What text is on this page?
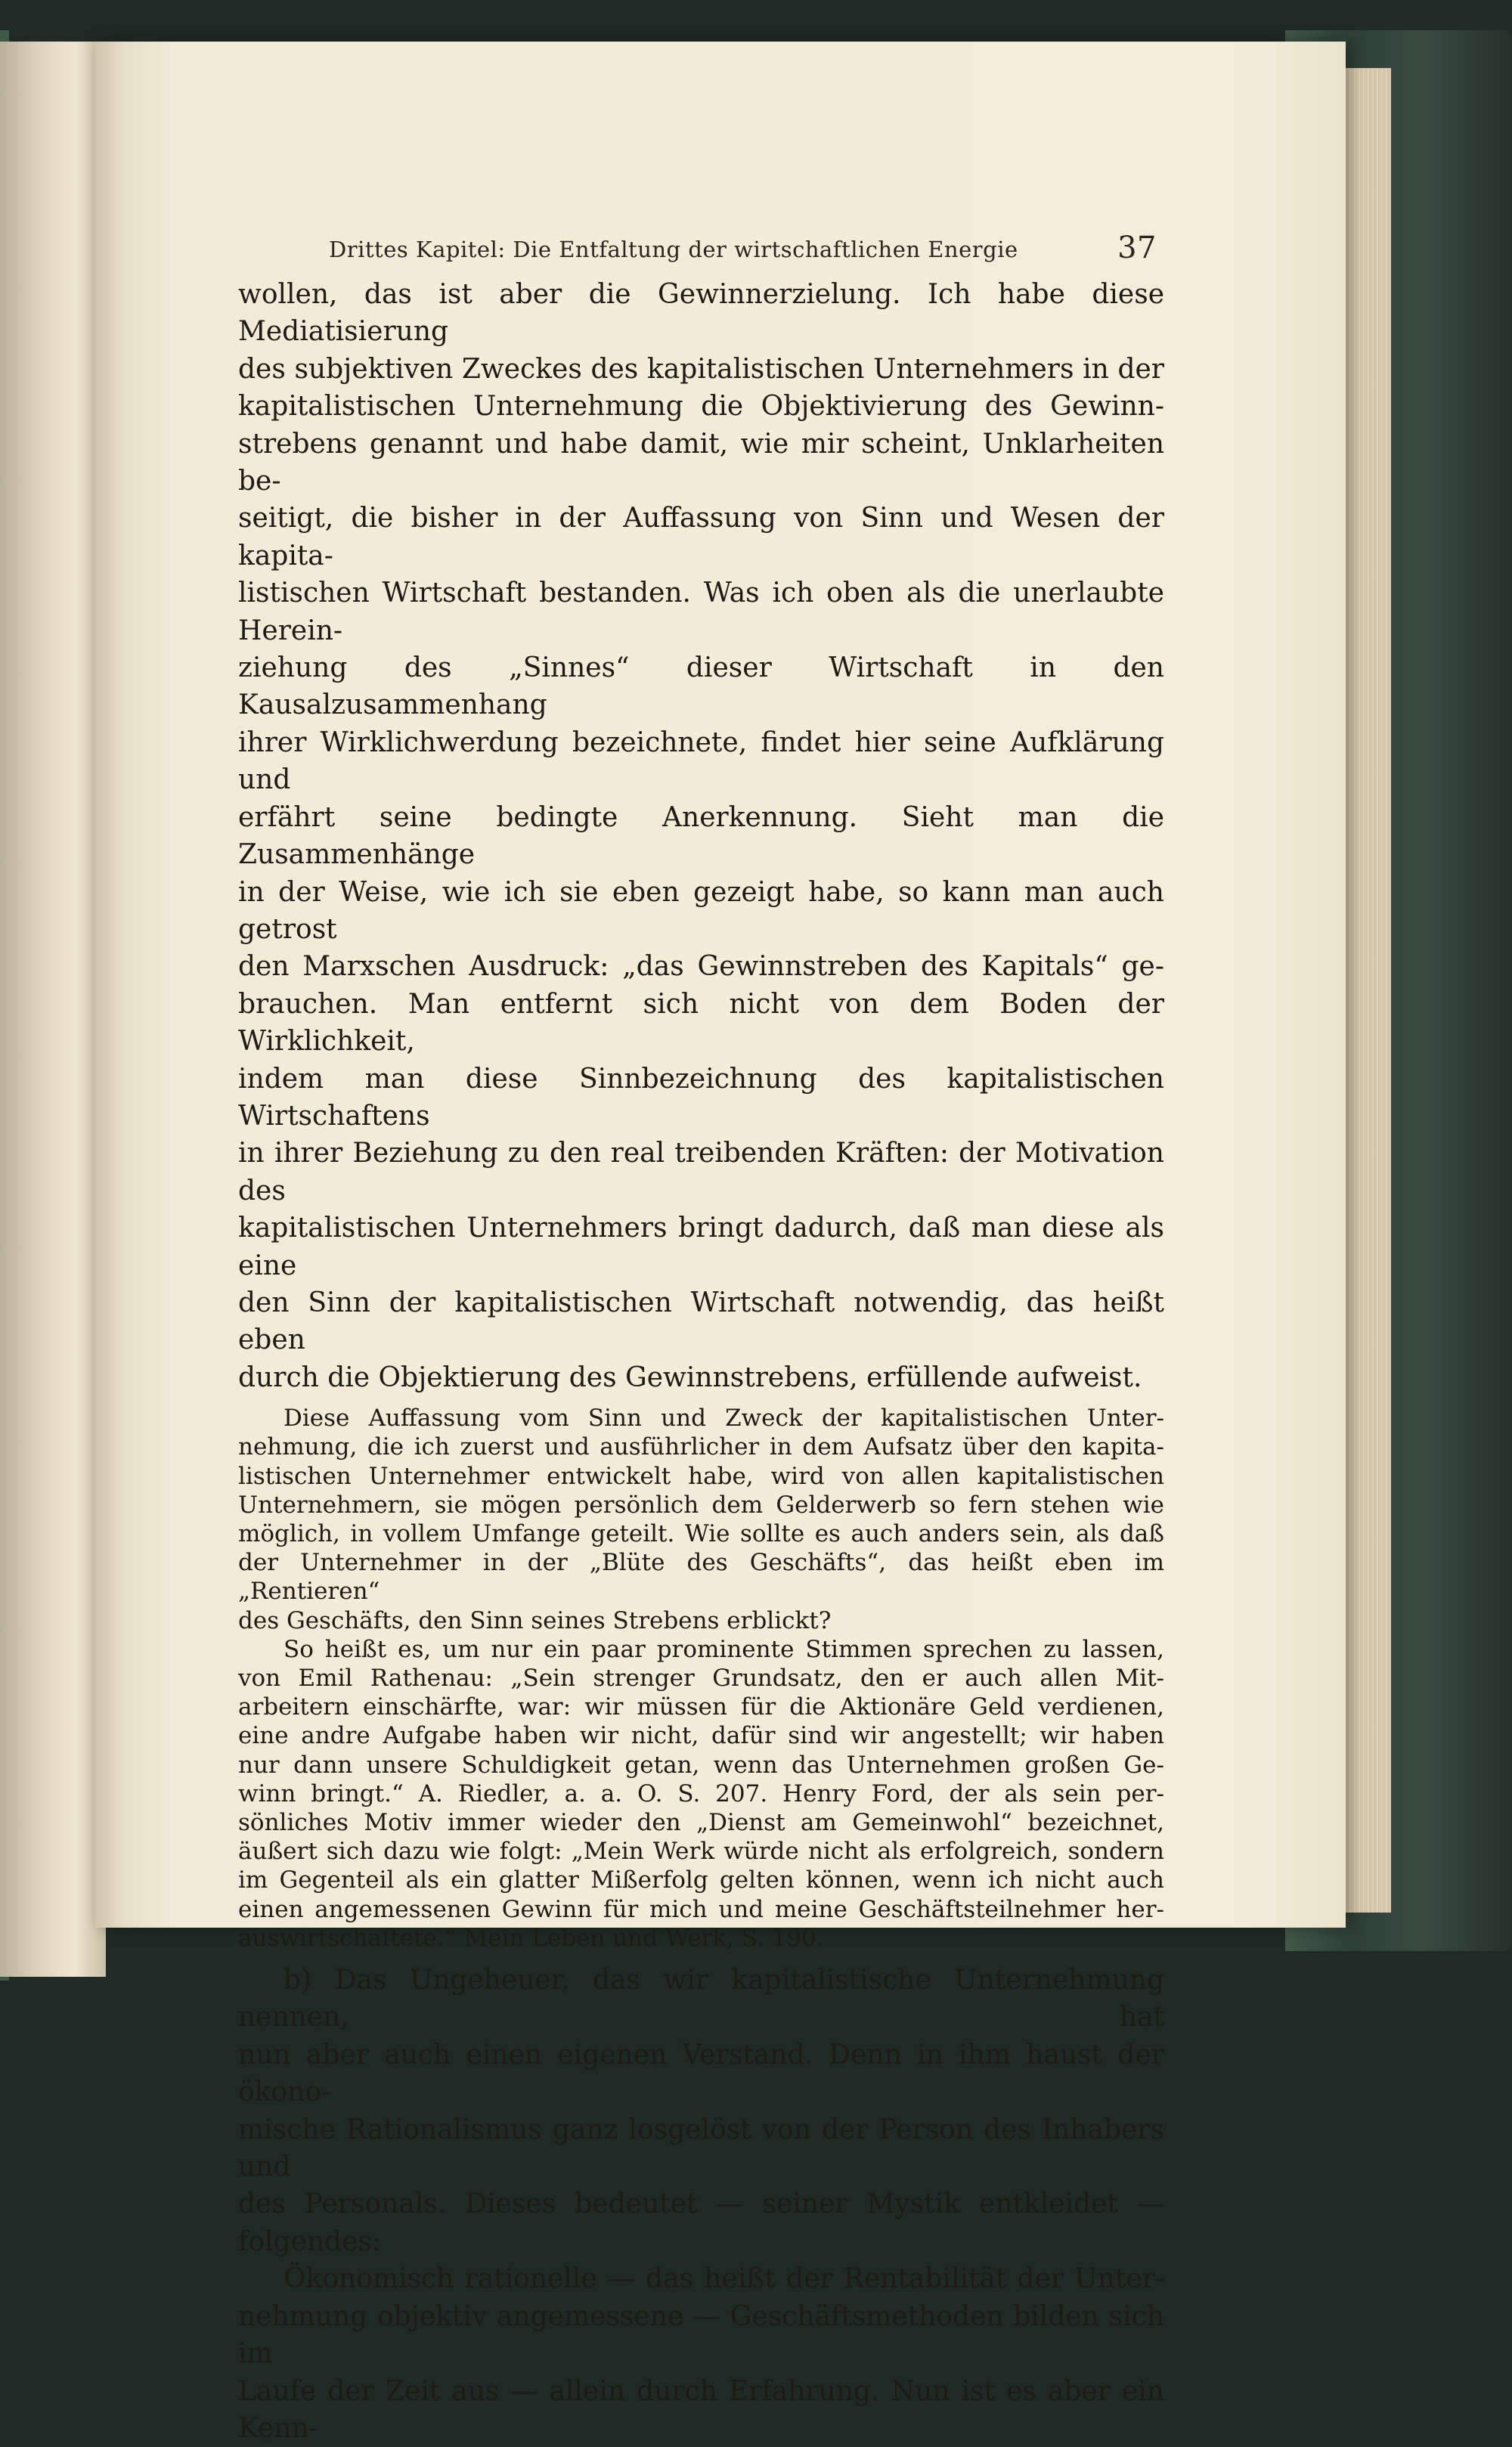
Drittes Kapitel: Die Entfaltung der wirtschaftlichen Energie	37

wollen, das ist aber die Gewinnerzielung. Ich habe diese Mediatisierung

des subjektiven Zweckes des kapitalistischen Unternehmers in der

kapitalistischen Unternehmung die Objektivierung des Gewinn-

strebens genannt und habe damit, wie mir scheint, Unklarheiten be-

seitigt, die bisher in der Auffassung von Sinn und Wesen der kapita-

listischen Wirtschaft bestanden. Was ich oben als die unerlaubte Herein-

ziehung des „Sinnes“ dieser Wirtschaft in den Kausalzusammenhang

ihrer Wirklichwerdung bezeichnete, findet hier seine Aufklärung und

erfährt seine bedingte Anerkennung. Sieht man die Zusammenhänge

in der Weise, wie ich sie eben gezeigt habe, so kann man auch getrost

den Marxschen Ausdruck: „das Gewinnstreben des Kapitals“ ge-

brauchen. Man entfernt sich nicht von dem Boden der Wirklichkeit,

indem man diese Sinnbezeichnung des kapitalistischen Wirtschaftens

in ihrer Beziehung zu den real treibenden Kräften: der Motivation des

kapitalistischen Unternehmers bringt dadurch, daß man diese als eine

den Sinn der kapitalistischen Wirtschaft notwendig, das heißt eben

durch die Objektierung des Gewinnstrebens, erfüllende aufweist.

Diese Auffassung vom Sinn und Zweck der kapitalistischen Unter-

nehmung, die ich zuerst und ausführlicher in dem Aufsatz über den kapita-

listischen Unternehmer entwickelt habe, wird von allen kapitalistischen

Unternehmern, sie mögen persönlich dem Gelderwerb so fern stehen wie

möglich, in vollem Umfange geteilt. Wie sollte es auch anders sein, als daß

der Unternehmer in der „Blüte des Geschäfts“, das heißt eben im „Rentieren“

des Geschäfts, den Sinn seines Strebens erblickt?

So heißt es, um nur ein paar prominente Stimmen sprechen zu lassen,

von Emil Rathenau: „Sein strenger Grundsatz, den er auch allen Mit-

arbeitern einschärfte, war: wir müssen für die Aktionäre Geld verdienen,

eine andre Aufgabe haben wir nicht, dafür sind wir angestellt; wir haben

nur dann unsere Schuldigkeit getan, wenn das Unternehmen großen Ge-

winn bringt.“ A. Riedler, a. a. O. S. 207. Henry Ford, der als sein per-

sönliches Motiv immer wieder den „Dienst am Gemeinwohl“ bezeichnet,

äußert sich dazu wie folgt: „Mein Werk würde nicht als erfolgreich, sondern

im Gegenteil als ein glatter Mißerfolg gelten können, wenn ich nicht auch

einen angemessenen Gewinn für mich und meine Geschäftsteilnehmer her-

auswirtschaftete.“ Mein Leben und Werk, S. 190.

b) Das Ungeheuer, das wir kapitalistische Unternehmung nennen, hat

nun aber auch einen eigenen Verstand. Denn in ihm haust der ökono-

mische Rationalismus ganz losgelöst von der Person des Inhabers und

des Personals. Dieses bedeutet — seiner Mystik entkleidet — folgendes:

Ökonomisch rationelle — das heißt der Rentabilität der Unter-

nehmung objektiv angemessene — Geschäftsmethoden bilden sich im

Laufe der Zeit aus — allein durch Erfahrung. Nun ist es aber ein Kenn-
